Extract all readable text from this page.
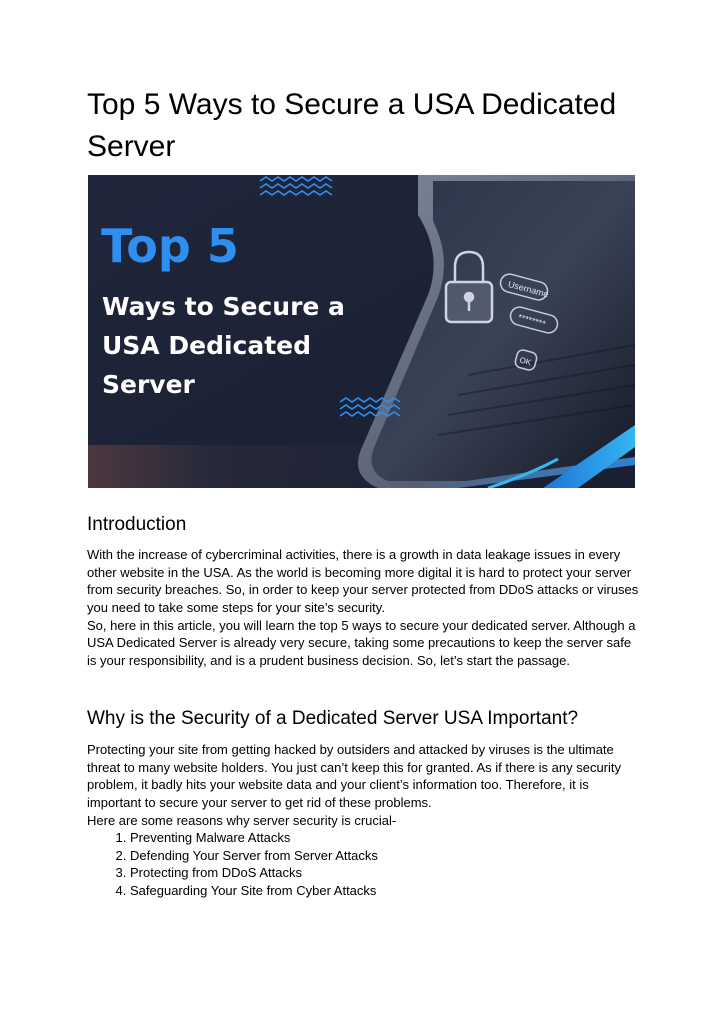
Top 5 Ways to Secure a USA Dedicated Server
Username
********
OK
Top 5
Ways to Secure a
USA Dedicated
Server
Introduction

With the increase of cybercriminal activities, there is a growth in data leakage issues in every other website in the USA. As the world is becoming more digital it is hard to protect your server from security breaches. So, in order to keep your server protected from DDoS attacks or viruses you need to take some steps for your site’s security.

So, here in this article, you will learn the top 5 ways to secure your dedicated server. Although a USA Dedicated Server is already very secure, taking some precautions to keep the server safe is your responsibility, and is a prudent business decision. So, let’s start the passage.

Why is the Security of a Dedicated Server USA Important?

Protecting your site from getting hacked by outsiders and attacked by viruses is the ultimate threat to many website holders. You just can’t keep this for granted. As if there is any security problem, it badly hits your website data and your client’s information too. Therefore, it is important to secure your server to get rid of these problems.

Here are some reasons why server security is crucial-

1. Preventing Malware Attacks
2. Defending Your Server from Server Attacks
3. Protecting from DDoS Attacks
4. Safeguarding Your Site from Cyber Attacks
